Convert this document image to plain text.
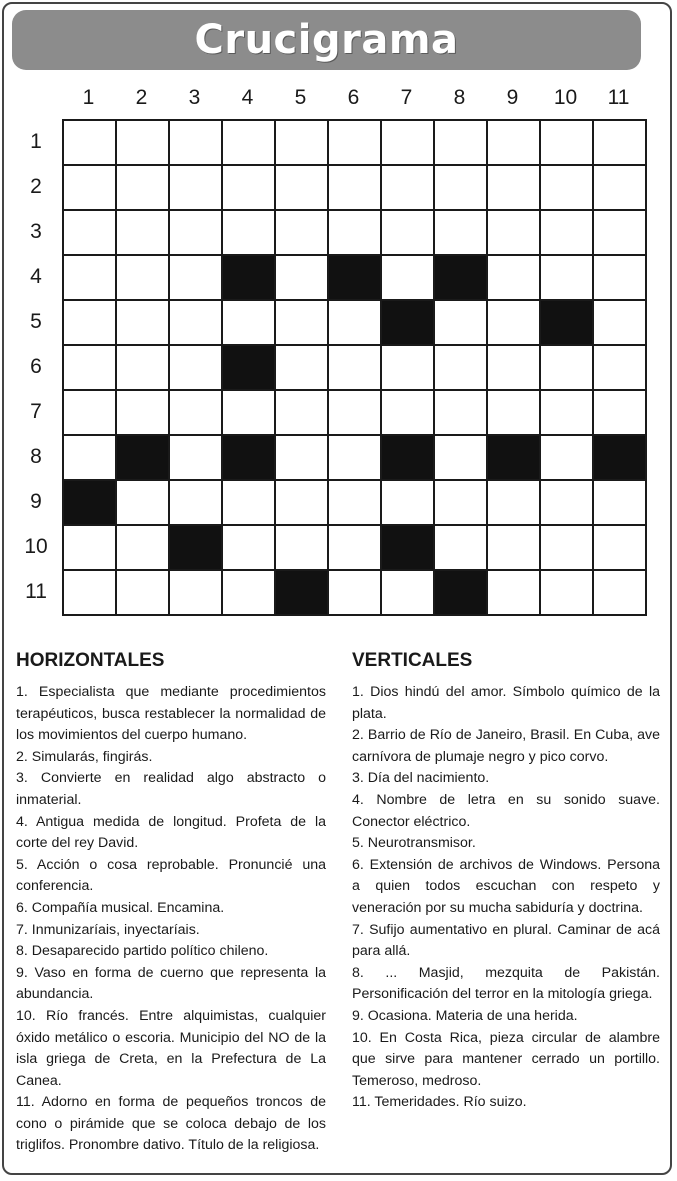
Crucigrama
1	2	3	4	5	6	7	8	9	10	11
1
2
3
4
5
6
7
8
9
10
11
HORIZONTALES

1. Especialista que mediante procedimientos terapéuticos, busca restablecer la normalidad de los movimientos del cuerpo humano.

2. Simularás, fingirás.

3. Convierte en realidad algo abstracto o inmaterial.

4. Antigua medida de longitud. Profeta de la corte del rey David.

5. Acción o cosa reprobable. Pronuncié una conferencia.

6. Compañía musical. Encamina.

7. Inmunizaríais, inyectaríais.

8. Desaparecido partido político chileno.

9. Vaso en forma de cuerno que representa la abundancia.

10. Río francés. Entre alquimistas, cualquier óxido metálico o escoria. Municipio del NO de la isla griega de Creta, en la Prefectura de La Canea.

11. Adorno en forma de pequeños troncos de cono o pirámide que se coloca debajo de los triglifos. Pronombre dativo. Título de la religiosa.

VERTICALES

1. Dios hindú del amor. Símbolo químico de la plata.

2. Barrio de Río de Janeiro, Brasil. En Cuba, ave carnívora de plumaje negro y pico corvo.

3. Día del nacimiento.

4. Nombre de letra en su sonido suave. Conector eléctrico.

5. Neurotransmisor.

6. Extensión de archivos de Windows. Persona a quien todos escuchan con respeto y veneración por su mucha sabiduría y doctrina.

7. Sufijo aumentativo en plural. Caminar de acá para allá.

8. ... Masjid, mezquita de Pakistán. Personificación del terror en la mitología griega.

9. Ocasiona. Materia de una herida.

10. En Costa Rica, pieza circular de alambre que sirve para mantener cerrado un portillo. Temeroso, medroso.

11. Temeridades. Río suizo.
